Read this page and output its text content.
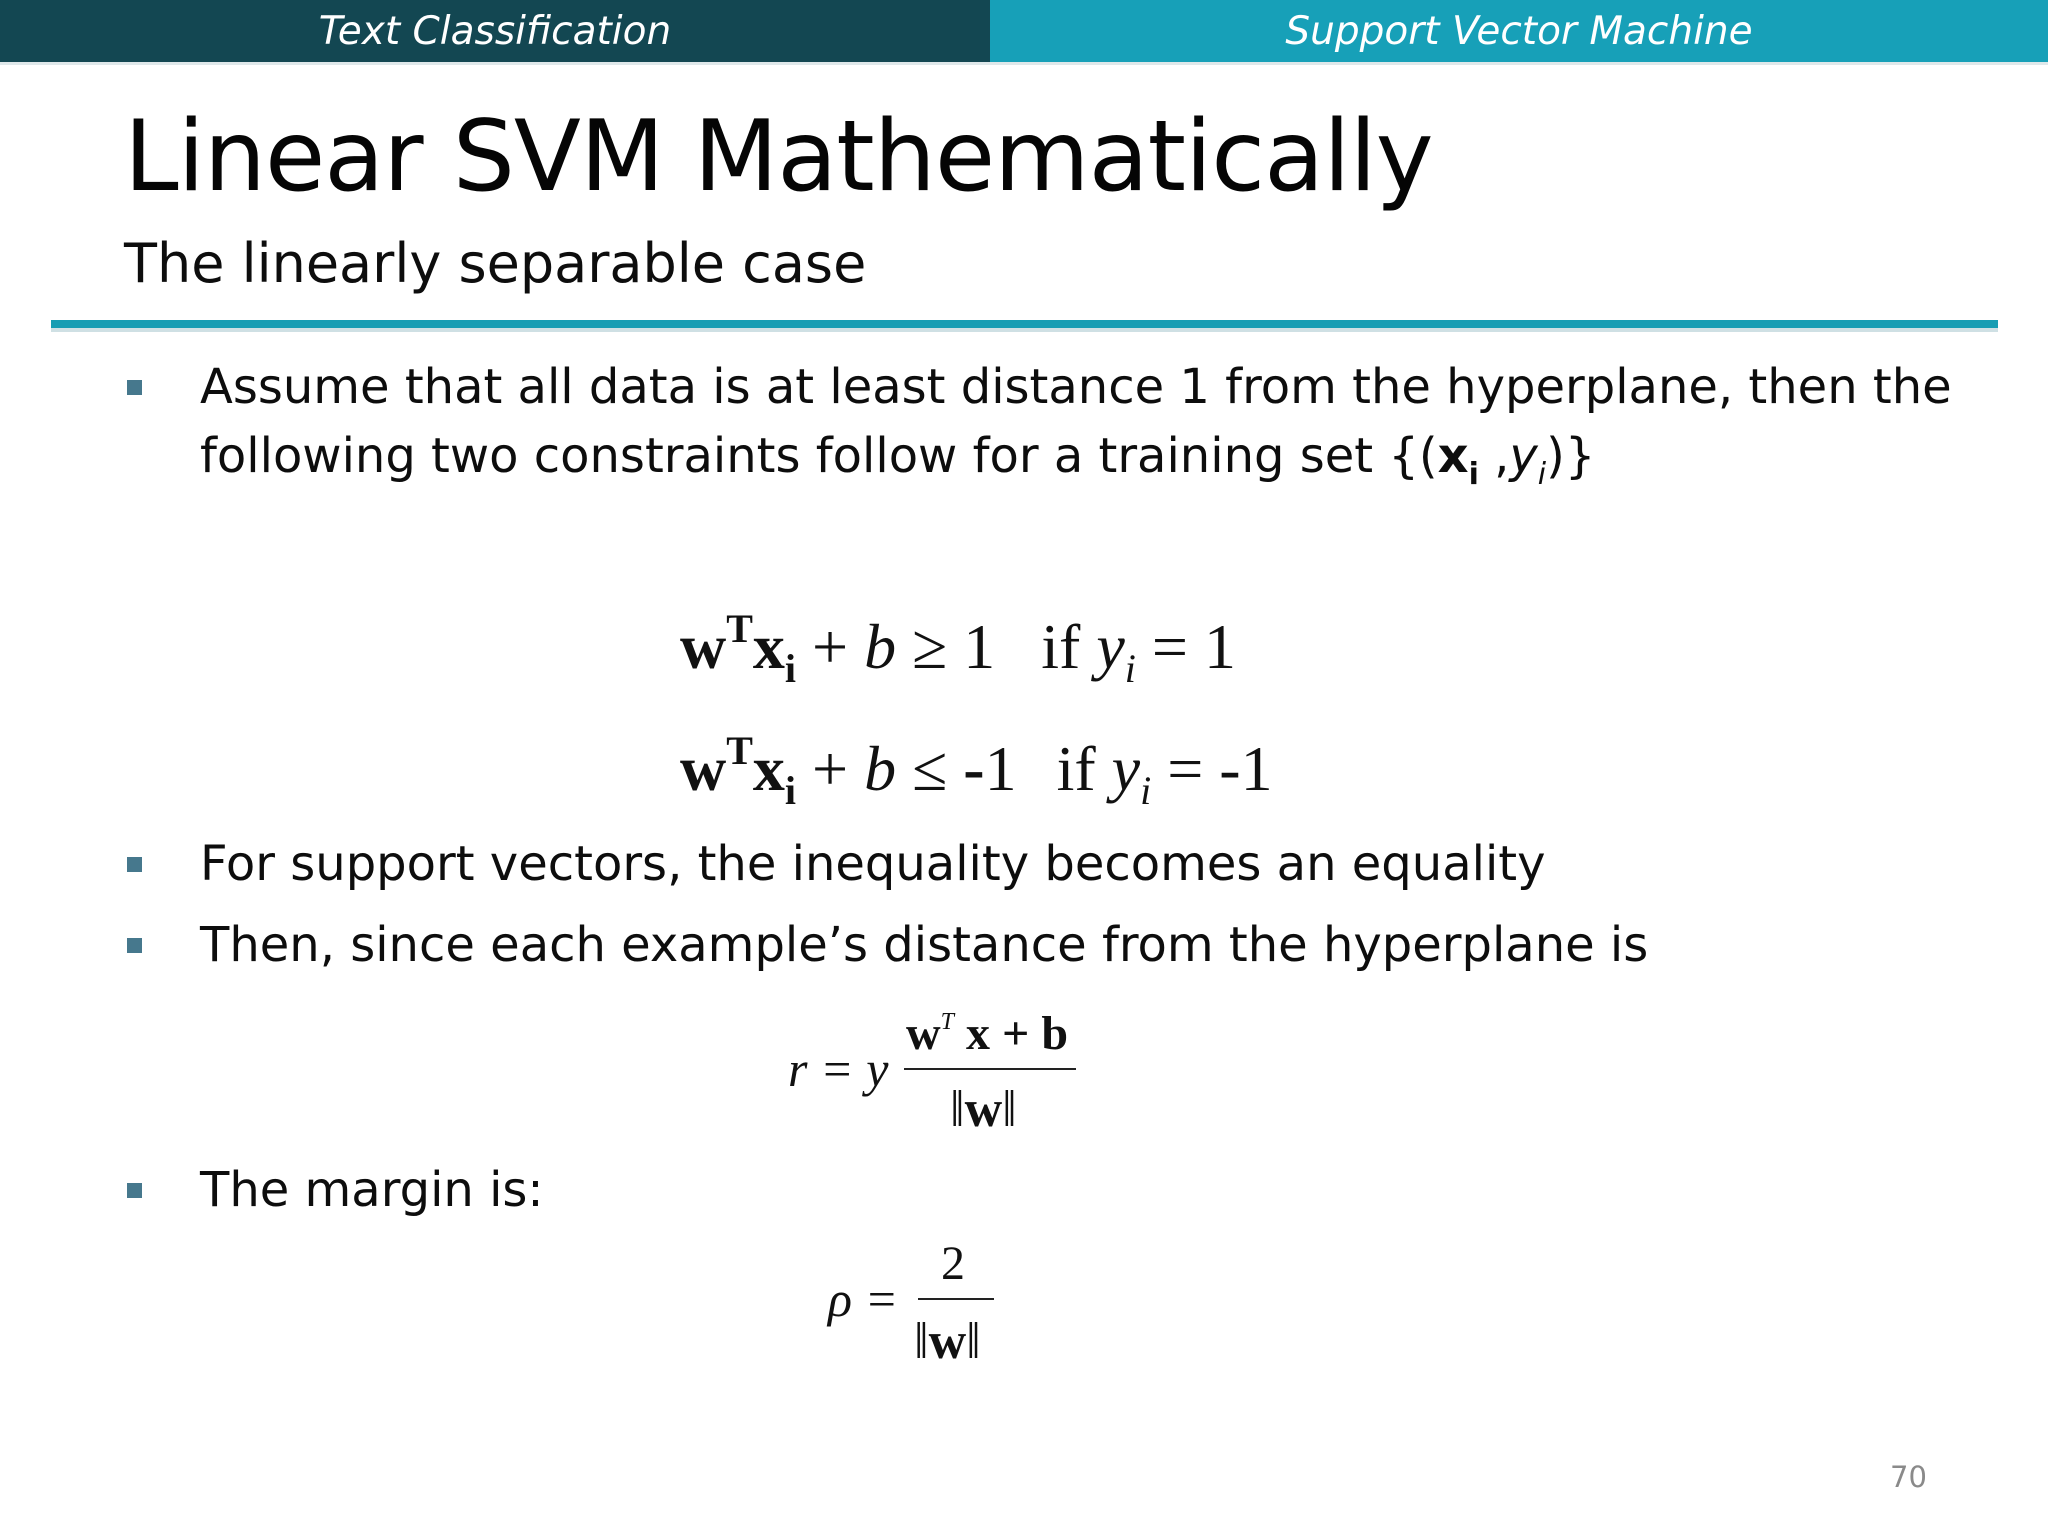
Text Classification	Support Vector Machine
Linear SVM Mathematically
The linearly separable case
Assume that all data is at least distance 1 from the hyperplane, then the
following two constraints follow for a training set {($x_i$ $,y_i$)}
$w^Tx_i + b \ge 1$ if $y_i = 1$
$w^Tx_i + b \le -1$ if $y_i = -1$
For support vectors, the inequality becomes an equality
Then, since each example’s distance from the hyperplane is
r = y
$w^T$ x + b
‖w‖
The margin is:
ρ =
2
‖w‖
70
